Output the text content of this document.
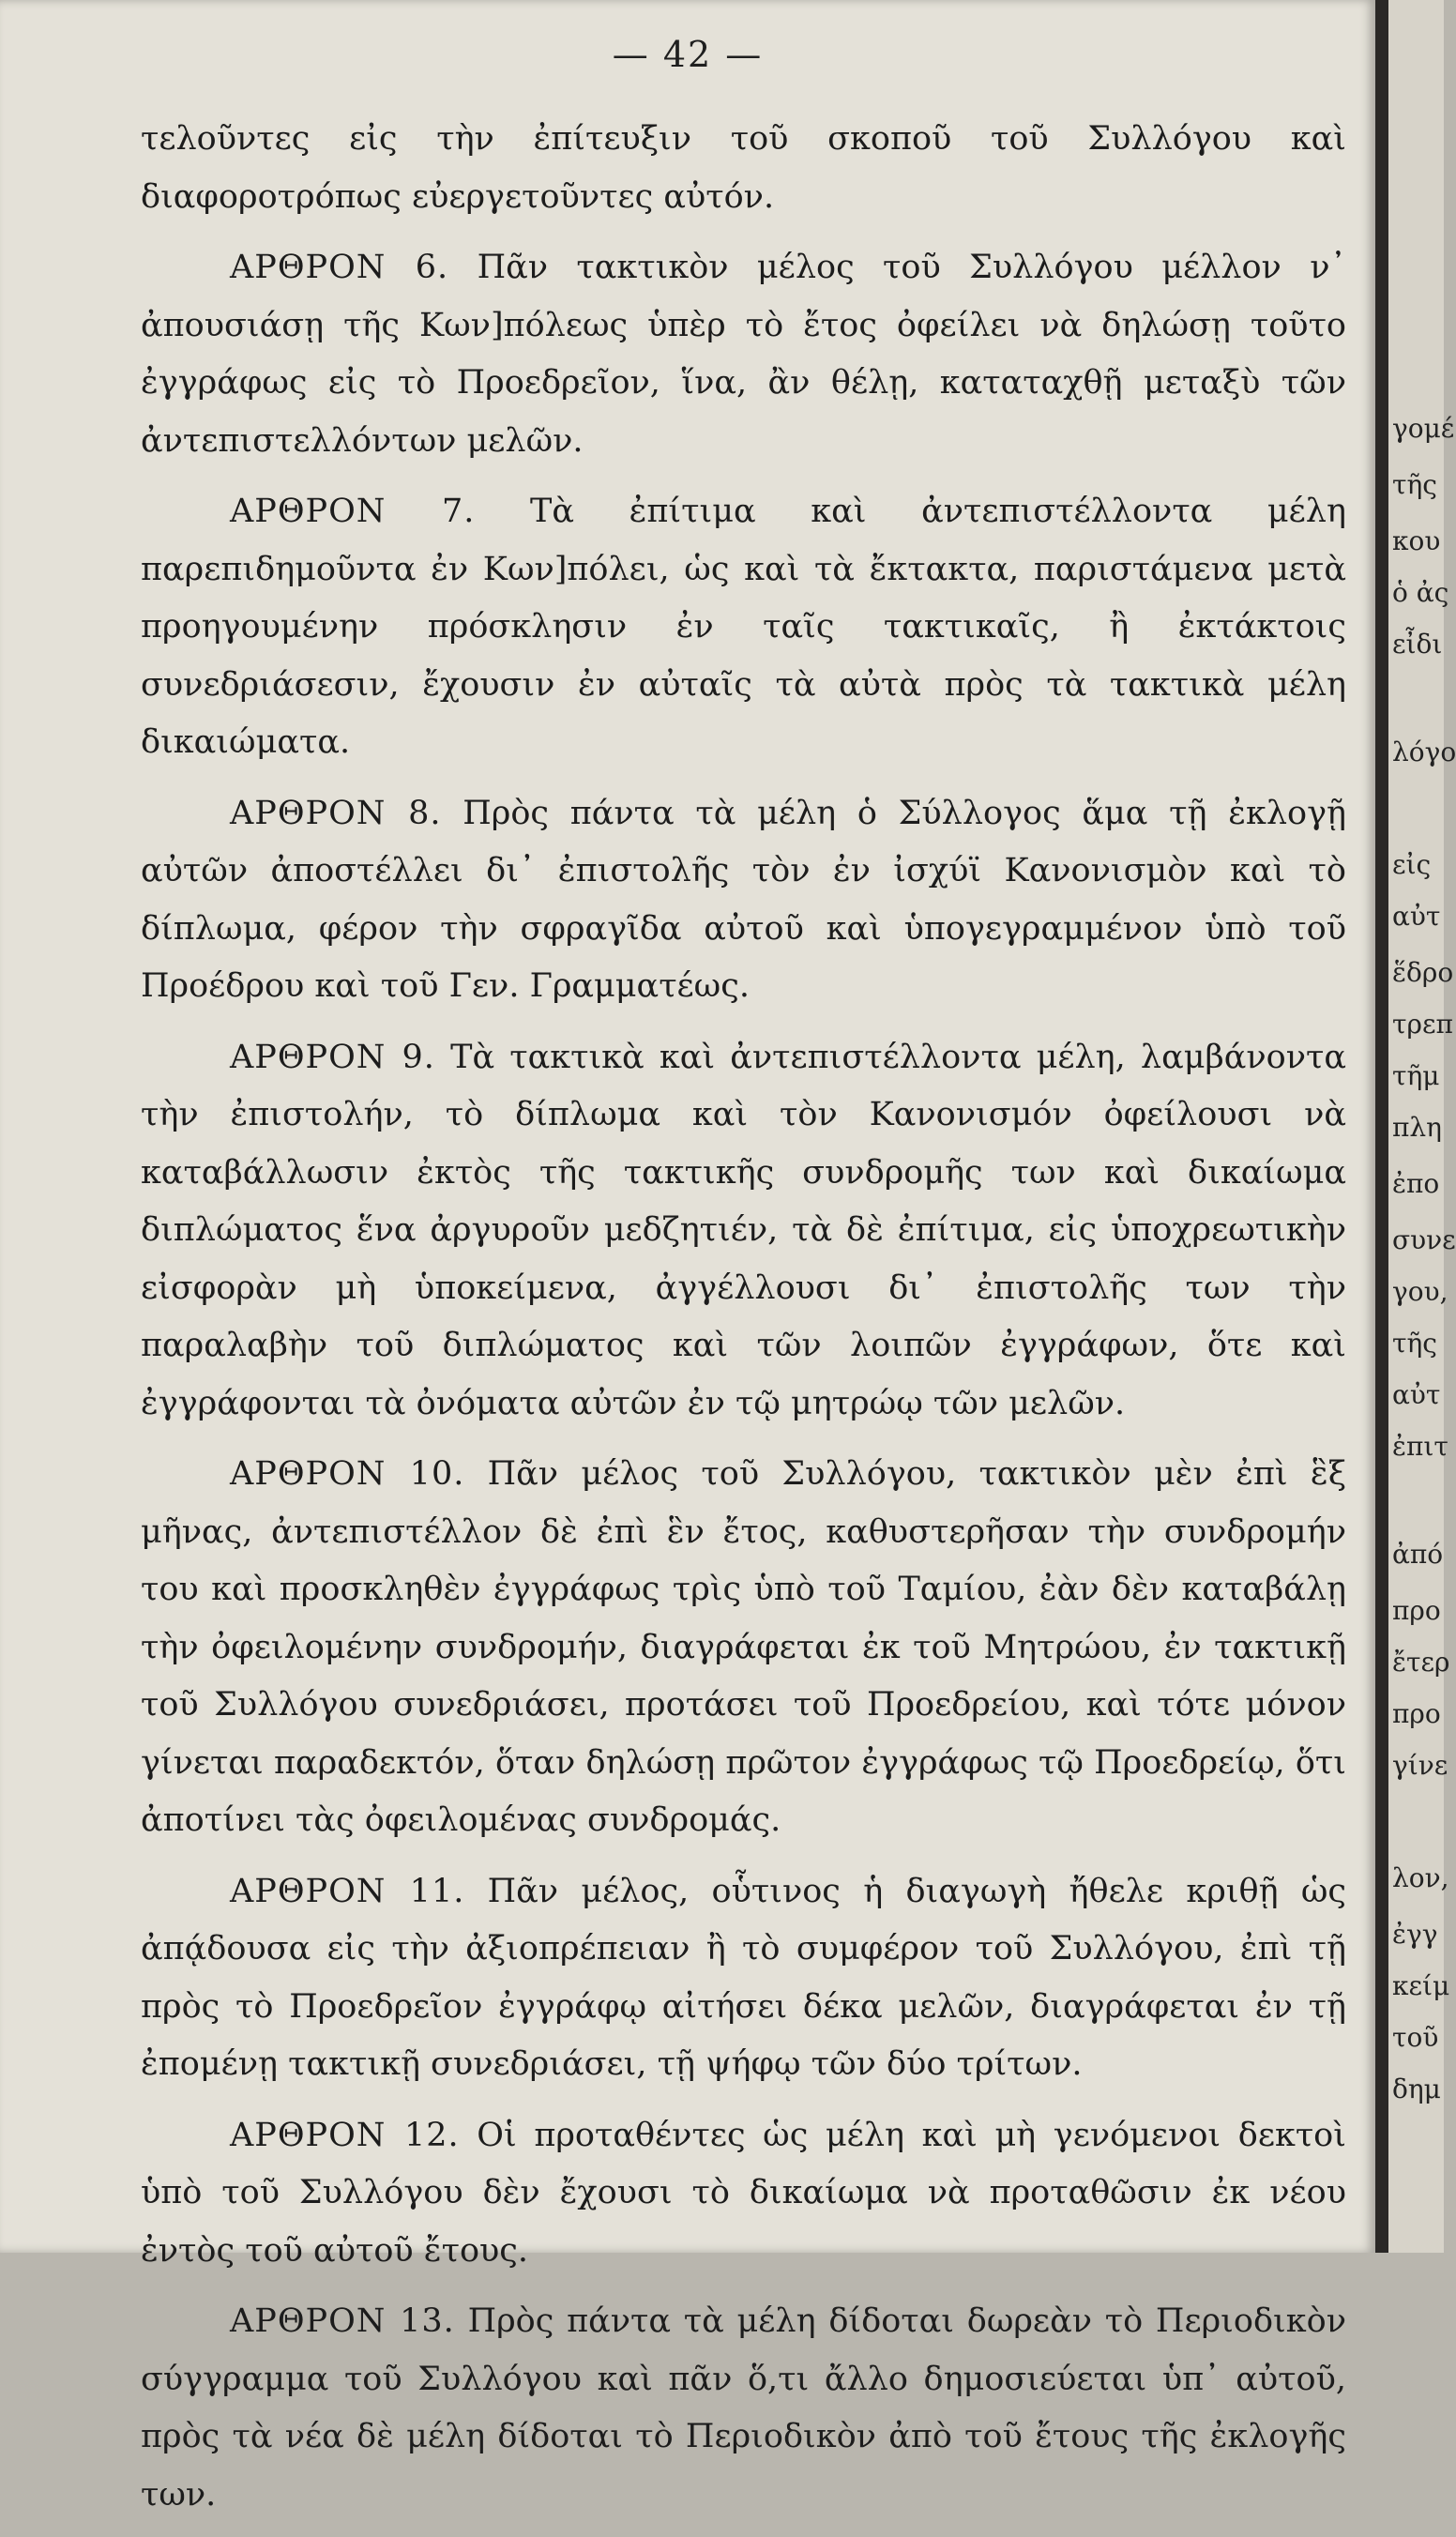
— 42 —
τελοῦντες εἰς τὴν ἐπίτευξιν τοῦ σκοποῦ τοῦ Συλλόγου καὶ διαφοροτρόπως εὐεργετοῦντες αὐτόν.
ΑΡΘΡΟΝ 6. Πᾶν τακτικὸν μέλος τοῦ Συλλόγου μέλλον ν᾽ ἀπουσιάσῃ τῆς Κων]πόλεως ὑπὲρ τὸ ἔτος ὀφείλει νὰ δηλώσῃ τοῦτο ἐγγράφως εἰς τὸ Προεδρεῖον, ἵνα, ἂν θέλῃ, καταταχθῇ μεταξὺ τῶν ἀντεπιστελλόντων μελῶν.
ΑΡΘΡΟΝ 7. Τὰ ἐπίτιμα καὶ ἀντεπιστέλλοντα μέλη παρεπιδημοῦντα ἐν Κων]πόλει, ὡς καὶ τὰ ἔκτακτα, παριστάμενα μετὰ προηγουμένην πρόσκλησιν ἐν ταῖς τακτικαῖς, ἢ ἐκτάκτοις συνεδριάσεσιν, ἔχουσιν ἐν αὐταῖς τὰ αὐτὰ πρὸς τὰ τακτικὰ μέλη δικαιώματα.
ΑΡΘΡΟΝ 8. Πρὸς πάντα τὰ μέλη ὁ Σύλλογος ἅμα τῇ ἐκλογῇ αὐτῶν ἀποστέλλει δι᾽ ἐπιστολῆς τὸν ἐν ἰσχύϊ Κανονισμὸν καὶ τὸ δίπλωμα, φέρον τὴν σφραγῖδα αὐτοῦ καὶ ὑπογεγραμμένον ὑπὸ τοῦ Προέδρου καὶ τοῦ Γεν. Γραμματέως.
ΑΡΘΡΟΝ 9. Τὰ τακτικὰ καὶ ἀντεπιστέλλοντα μέλη, λαμβάνοντα τὴν ἐπιστολήν, τὸ δίπλωμα καὶ τὸν Κανονισμόν ὀφείλουσι νὰ καταβάλλωσιν ἐκτὸς τῆς τακτικῆς συνδρομῆς των καὶ δικαίωμα διπλώματος ἕνα ἀργυροῦν μεδζητιέν, τὰ δὲ ἐπίτιμα, εἰς ὑποχρεωτικὴν εἰσφορὰν μὴ ὑποκείμενα, ἀγγέλλουσι δι᾽ ἐπιστολῆς των τὴν παραλαβὴν τοῦ διπλώματος καὶ τῶν λοιπῶν ἐγγράφων, ὅτε καὶ ἐγγράφονται τὰ ὀνόματα αὐτῶν ἐν τῷ μητρώῳ τῶν μελῶν.
ΑΡΘΡΟΝ 10. Πᾶν μέλος τοῦ Συλλόγου, τακτικὸν μὲν ἐπὶ ἓξ μῆνας, ἀντεπιστέλλον δὲ ἐπὶ ἓν ἔτος, καθυστερῆσαν τὴν συνδρομήν του καὶ προσκληθὲν ἐγγράφως τρὶς ὑπὸ τοῦ Ταμίου, ἐὰν δὲν καταβάλῃ τὴν ὀφειλομένην συνδρομήν, διαγράφεται ἐκ τοῦ Μητρώου, ἐν τακτικῇ τοῦ Συλλόγου συνεδριάσει, προτάσει τοῦ Προεδρείου, καὶ τότε μόνον γίνεται παραδεκτόν, ὅταν δηλώσῃ πρῶτον ἐγγράφως τῷ Προεδρείῳ, ὅτι ἀποτίνει τὰς ὀφειλομένας συνδρομάς.
ΑΡΘΡΟΝ 11. Πᾶν μέλος, οὗτινος ἡ διαγωγὴ ἤθελε κριθῇ ὡς ἀπᾴδουσα εἰς τὴν ἀξιοπρέπειαν ἢ τὸ συμφέρον τοῦ Συλλόγου, ἐπὶ τῇ πρὸς τὸ Προεδρεῖον ἐγγράφῳ αἰτήσει δέκα μελῶν, διαγράφεται ἐν τῇ ἐπομένῃ τακτικῇ συνεδριάσει, τῇ ψήφῳ τῶν δύο τρίτων.
ΑΡΘΡΟΝ 12. Οἱ προταθέντες ὡς μέλη καὶ μὴ γενόμενοι δεκτοὶ ὑπὸ τοῦ Συλλόγου δὲν ἔχουσι τὸ δικαίωμα νὰ προταθῶσιν ἐκ νέου ἐντὸς τοῦ αὐτοῦ ἔτους.
ΑΡΘΡΟΝ 13. Πρὸς πάντα τὰ μέλη δίδοται δωρεὰν τὸ Περιοδικὸν σύγγραμμα τοῦ Συλλόγου καὶ πᾶν ὅ,τι ἄλλο δημοσιεύεται ὑπ᾽ αὐτοῦ, πρὸς τὰ νέα δὲ μέλη δίδοται τὸ Περιοδικὸν ἀπὸ τοῦ ἔτους τῆς ἐκλογῆς των.
γομέ
τῆς
κου
ὁ ἀς
εἶδι
λόγο
εἰς
αὐτ
ἕδρο
τρεπ
τῆμ
πλη
ἐπο
συνε
γου,
τῆς
αὐτ
ἐπιτ
ἀπό
προ
ἔτερ
προ
γίνε
λον,
ἐγγ
κείμ
τοῦ
δημ
